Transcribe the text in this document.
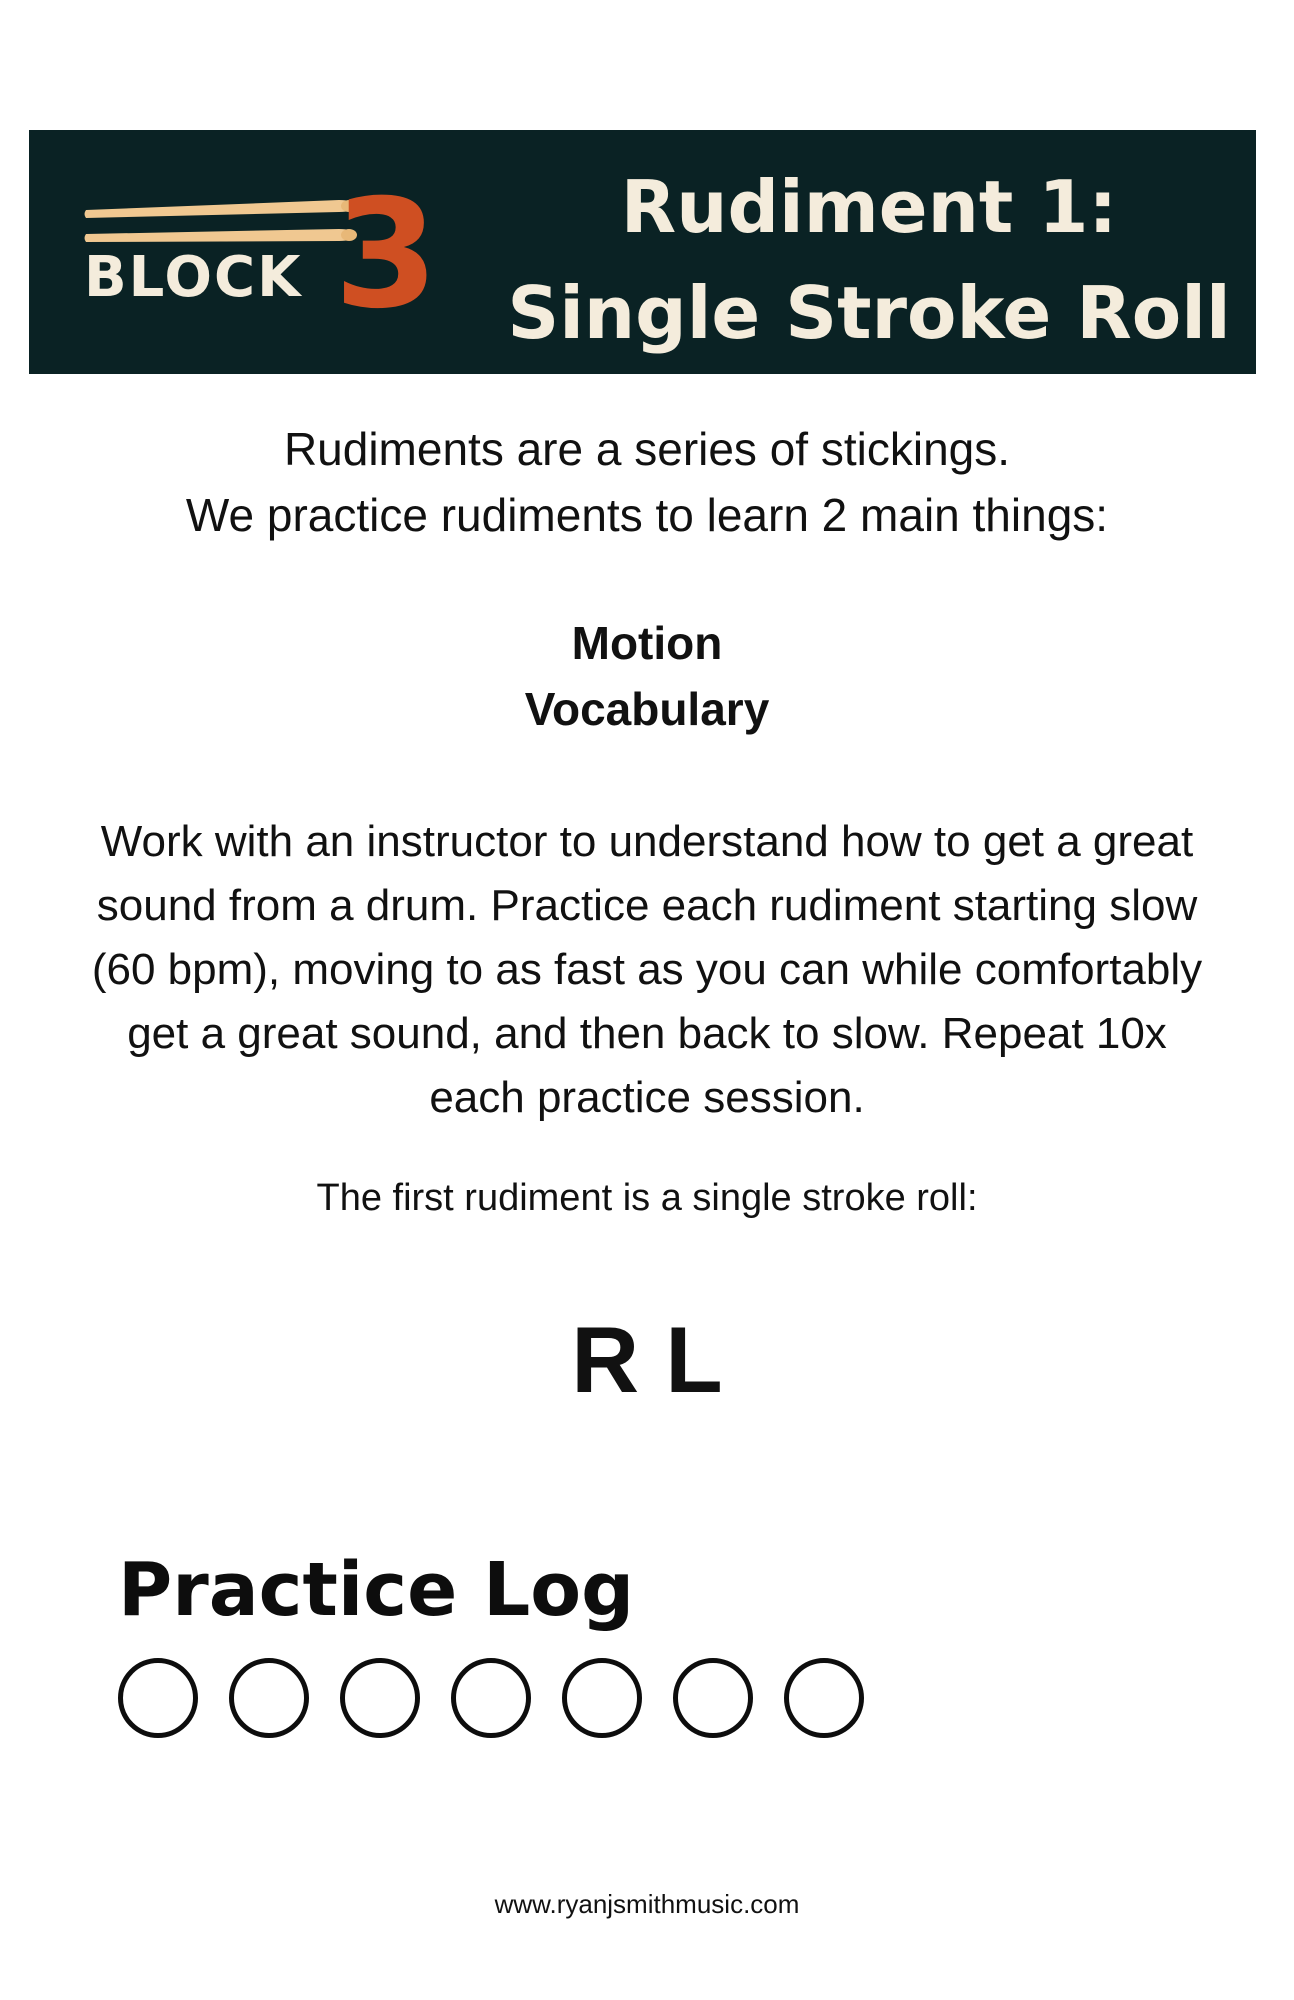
3
BLOCK
Rudiment 1:
Single Stroke Roll
Rudiments are a series of stickings.
We practice rudiments to learn 2 main things:
Motion
Vocabulary
Work with an instructor to understand how to get a great sound from a drum. Practice each rudiment starting slow (60 bpm), moving to as fast as you can while comfortably get a great sound, and then back to slow. Repeat 10x each practice session.
The first rudiment is a single stroke roll:
R L
Practice Log
www.ryanjsmithmusic.com
